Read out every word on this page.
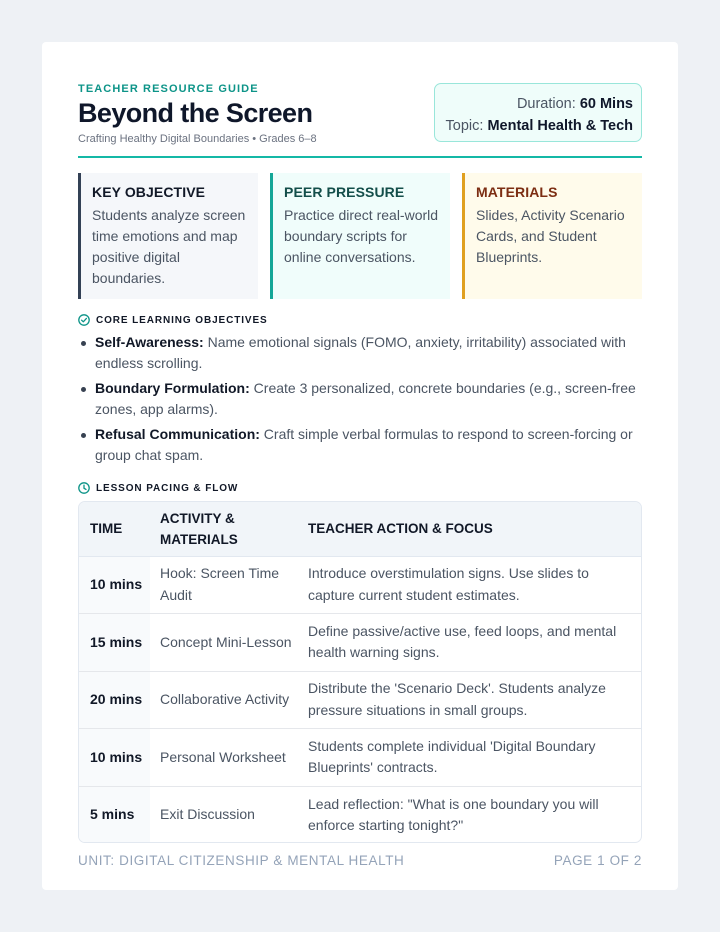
TEACHER RESOURCE GUIDE
Beyond the Screen
Crafting Healthy Digital Boundaries • Grades 6–8
Duration: 60 Mins
Topic: Mental Health & Tech
KEY OBJECTIVE
Students analyze screen time emotions and map positive digital boundaries.
PEER PRESSURE
Practice direct real-world boundary scripts for online conversations.
MATERIALS
Slides, Activity Scenario Cards, and Student Blueprints.
CORE LEARNING OBJECTIVES
Self-Awareness: Name emotional signals (FOMO, anxiety, irritability) associated with endless scrolling.
Boundary Formulation: Create 3 personalized, concrete boundaries (e.g., screen-free zones, app alarms).
Refusal Communication: Craft simple verbal formulas to respond to screen-forcing or group chat spam.
LESSON PACING & FLOW
TIME	ACTIVITY & MATERIALS	TEACHER ACTION & FOCUS
10 mins	Hook: Screen Time Audit	Introduce overstimulation signs. Use slides to capture current student estimates.
15 mins	Concept Mini-Lesson	Define passive/active use, feed loops, and mental health warning signs.
20 mins	Collaborative Activity	Distribute the 'Scenario Deck'. Students analyze pressure situations in small groups.
10 mins	Personal Worksheet	Students complete individual 'Digital Boundary Blueprints' contracts.
5 mins	Exit Discussion	Lead reflection: "What is one boundary you will enforce starting tonight?"
UNIT: DIGITAL CITIZENSHIP & MENTAL HEALTH	PAGE 1 OF 2
